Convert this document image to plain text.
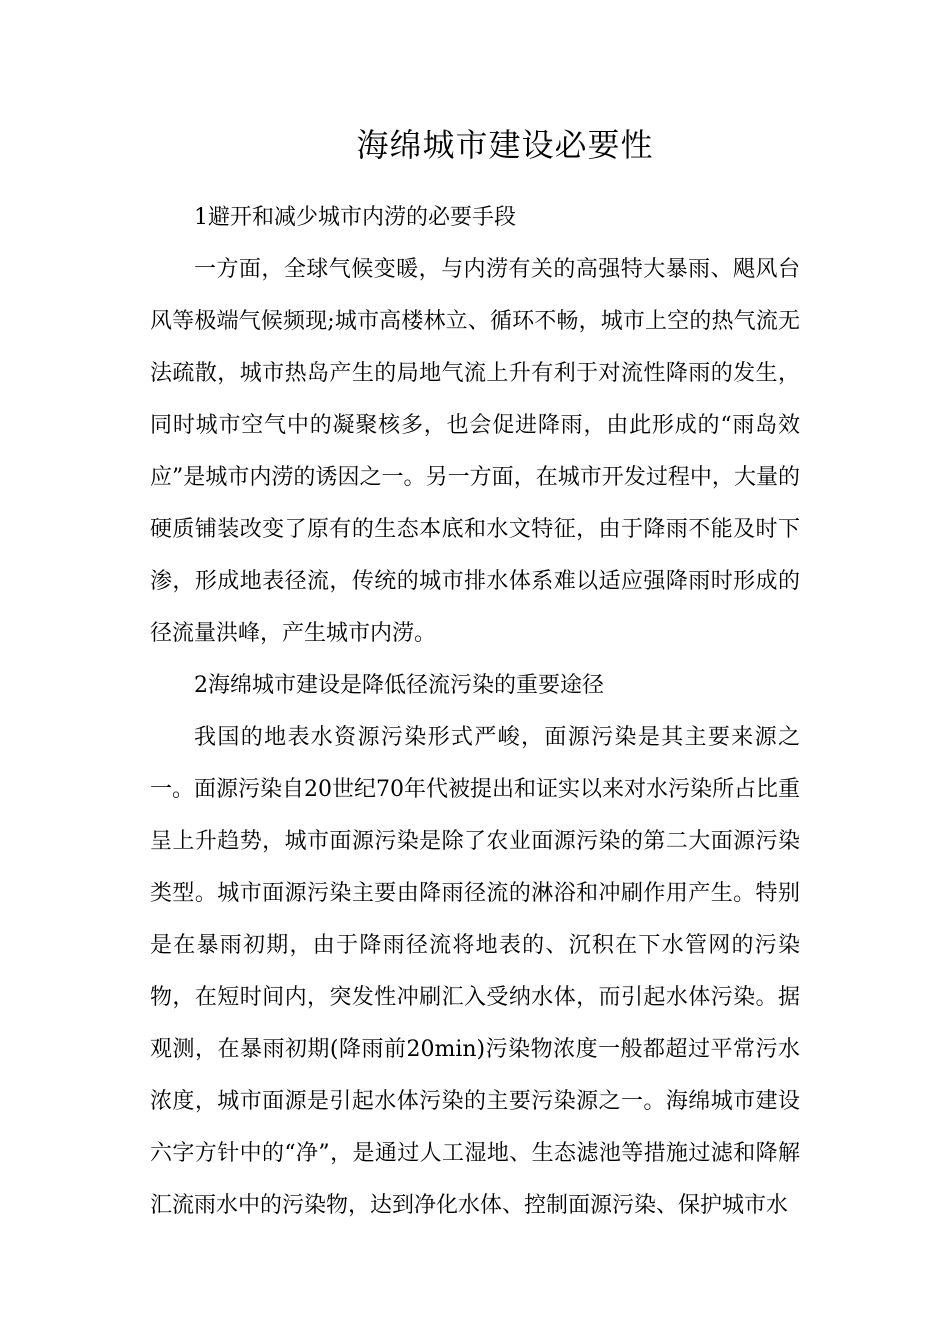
海绵城市建设必要性

1避开和减少城市内涝的必要手段

一方面，全球气候变暖，与内涝有关的高强特大暴雨、飓风台风等极端气候频现;城市高楼林立、循环不畅，城市上空的热气流无法疏散，城市热岛产生的局地气流上升有利于对流性降雨的发生，同时城市空气中的凝聚核多，也会促进降雨，由此形成的“雨岛效应”是城市内涝的诱因之一。另一方面，在城市开发过程中，大量的硬质铺装改变了原有的生态本底和水文特征，由于降雨不能及时下渗，形成地表径流，传统的城市排水体系难以适应强降雨时形成的径流量洪峰，产生城市内涝。

2海绵城市建设是降低径流污染的重要途径

我国的地表水资源污染形式严峻，面源污染是其主要来源之一。面源污染自20世纪70年代被提出和证实以来对水污染所占比重呈上升趋势，城市面源污染是除了农业面源污染的第二大面源污染类型。城市面源污染主要由降雨径流的淋浴和冲刷作用产生。特别是在暴雨初期，由于降雨径流将地表的、沉积在下水管网的污染物，在短时间内，突发性冲刷汇入受纳水体，而引起水体污染。据观测，在暴雨初期(降雨前20min)污染物浓度一般都超过平常污水浓度，城市面源是引起水体污染的主要污染源之一。海绵城市建设六字方针中的“净”，是通过人工湿地、生态滤池等措施过滤和降解汇流雨水中的污染物，达到净化水体、控制面源污染、保护城市水
